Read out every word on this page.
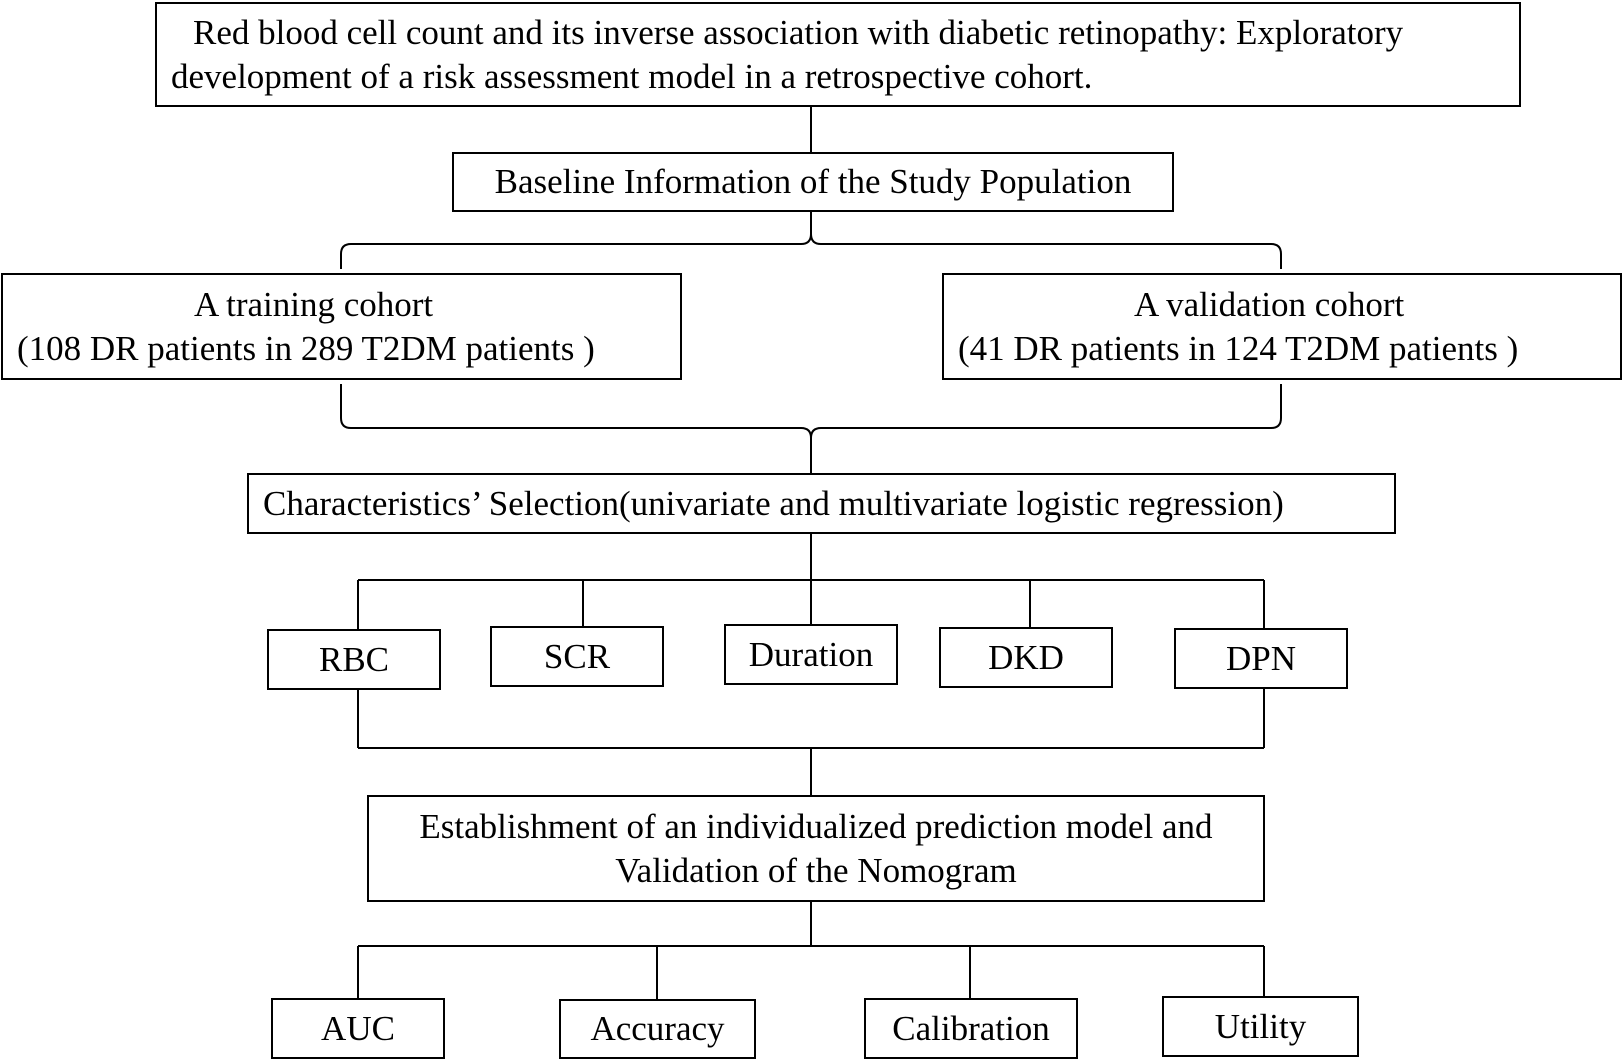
Red blood cell count and its inverse association with diabetic retinopathy: Exploratory
development of a risk assessment model in a retrospective cohort.
Baseline Information of the Study Population
A training cohort
(108 DR patients in 289 T2DM patients )
A validation cohort
(41 DR patients in 124 T2DM patients )
Characteristics’ Selection(univariate and multivariate logistic regression)
RBC	SCR	Duration	DKD	DPN
Establishment of an individualized prediction model and
Validation of the Nomogram
AUC	Accuracy	Calibration	Utility
